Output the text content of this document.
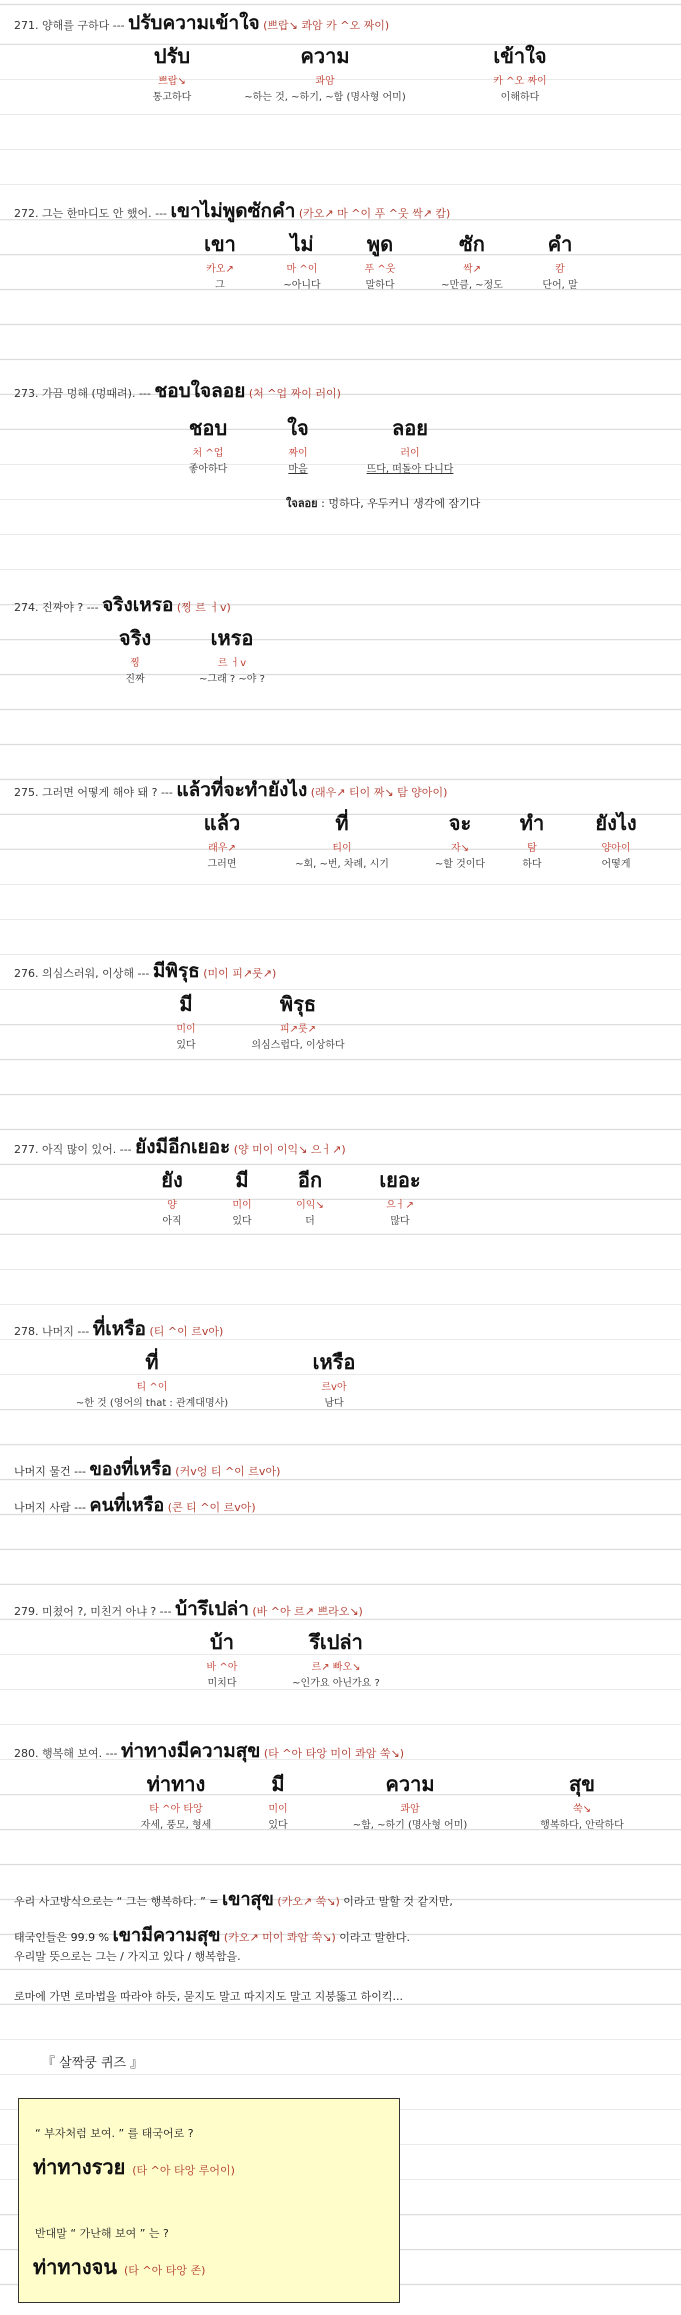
271. 양해를 구하다 --- ปรับความเข้าใจ (쁘랍↘ 콰암 카 ^오 짜이)
ปรับ
쁘랍↘
통고하다
ความ
콰암
~하는 것, ~하기, ~함 (명사형 어미)
เข้าใจ
카 ^오 짜이
이해하다
272. 그는 한마디도 안 했어. --- เขาไม่พูดซักคำ (카오↗ 마 ^이 푸 ^웃 싹↗ 캄)
เขา
카오↗
그
ไม่
마 ^이
~아니다
พูด
푸 ^웃
말하다
ซัก
싹↗
~만큼, ~정도
คำ
캄
단어, 말
273. 가끔 멍해 (멍때려). --- ชอบใจลอย (처 ^업 짜이 러이)
ชอบ
처 ^업
좋아하다
ใจ
짜이
마음
ลอย
러이
뜨다, 떠돌아 다니다
ใจลอย : 멍하다, 우두커니 생각에 잠기다
274. 진짜야 ? --- จริงเหรอ (찡 르 ㅓv)
จริง
찡
진짜
เหรอ
르 ㅓv
~그래 ? ~야 ?
275. 그러면 어떻게 해야 돼 ? --- แล้วที่จะทำยังไง (래우↗ 티이 짜↘ 탐 양아이)
แล้ว
래우↗
그러면
ที่
티이
~회, ~번, 차례, 시기
จะ
자↘
~할 것이다
ทำ
탐
하다
ยังไง
양아이
어떻게
276. 의심스러워, 이상해 --- มีพิรุธ (미이 피↗룻↗)
มี
미이
있다
พิรุธ
피↗룻↗
의심스럽다, 이상하다
277. 아직 많이 있어. --- ยังมีอีกเยอะ (양 미이 이익↘ 으ㅓ↗)
ยัง
양
아직
มี
미이
있다
อีก
이익↘
더
เยอะ
으ㅓ↗
많다
278. 나머지 --- ที่เหรือ (티 ^이 르v아)
ที่
티 ^이
~한 것 (영어의 that : 관계대명사)
เหรือ
르v아
남다
나머지 물건 --- ของที่เหรือ (커v엉 티 ^이 르v아)
나머지 사람 --- คนที่เหรือ (콘 티 ^이 르v아)
279. 미쳤어 ?, 미친거 아냐 ? --- บ้ารึเปล่า (바 ^아 르↗ 쁘라오↘)
บ้า
바 ^아
미치다
รึเปล่า
르↗ 빠오↘
~인가요 아닌가요 ?
280. 행복해 보여. --- ท่าทางมีความสุข (타 ^아 타앙 미이 콰암 쑥↘)
ท่าทาง
타 ^아 타앙
자세, 풍모, 형세
มี
미이
있다
ความ
콰암
~함, ~하기 (명사형 어미)
สุข
쑥↘
행복하다, 안락하다
우리 사고방식으로는 “ 그는 행복하다. ” = เขาสุข (카오↗ 쑥↘) 이라고 말할 것 같지만,
태국인들은 99.9 % เขามีความสุข (카오↗ 미이 콰암 쑥↘) 이라고 말한다.
우리말 뜻으로는 그는 / 가지고 있다 / 행복함을.
로마에 가면 로마법을 따라야 하듯, 묻지도 말고 따지지도 말고 지붕뚫고 하이킥...
『 살짝쿵 퀴즈 』
“ 부자처럼 보여. ” 를 태국어로 ?
ท่าทางรวย (타 ^아 타앙 루어이)
반대말 “ 가난해 보여 ” 는 ?
ท่าทางจน (타 ^아 타앙 존)
